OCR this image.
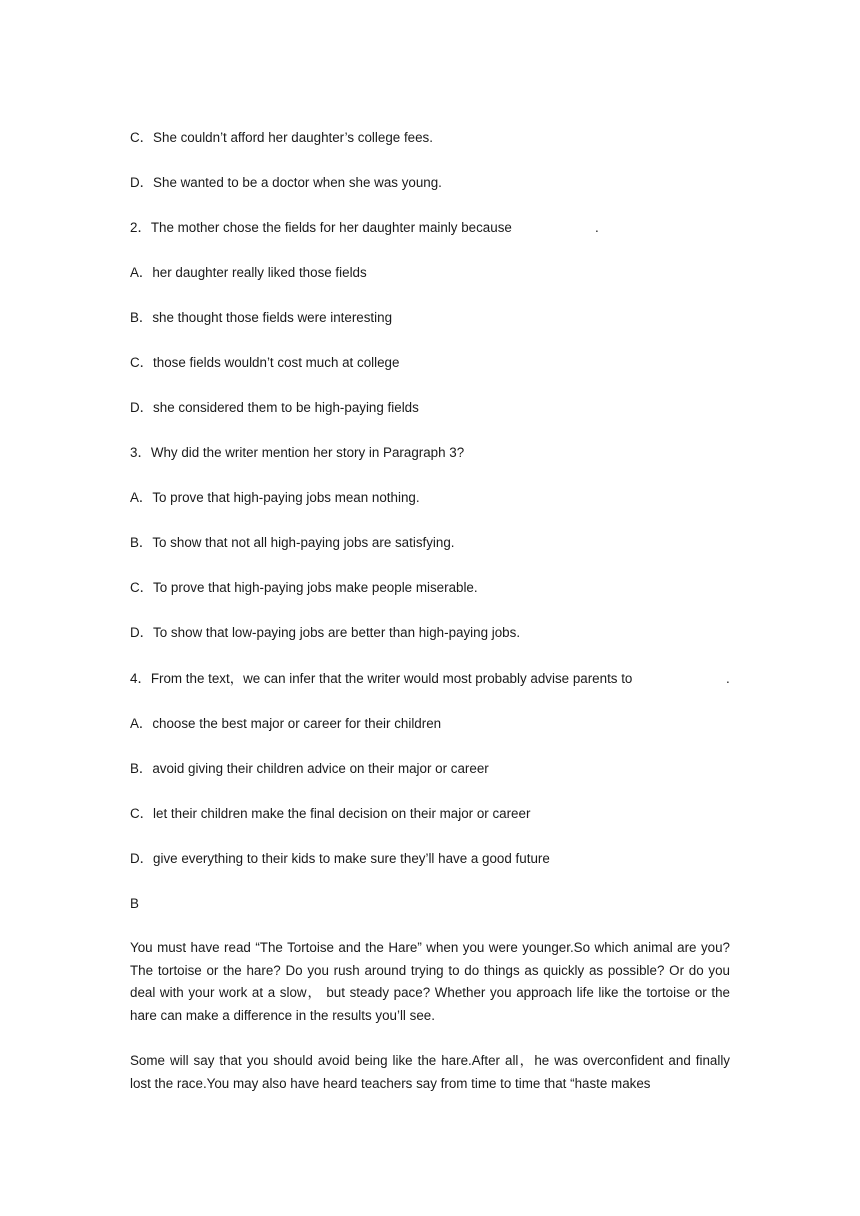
C．She couldn’t afford her daughter’s college fees.
D．She wanted to be a doctor when she was young.
2．The mother chose the fields for her daughter mainly because	.
A．her daughter really liked those fields
B．she thought those fields were interesting
C．those fields wouldn’t cost much at college
D．she considered them to be high-paying fields
3．Why did the writer mention her story in Paragraph 3?
A．To prove that high-paying jobs mean nothing.
B．To show that not all high-paying jobs are satisfying.
C．To prove that high-paying jobs make people miserable.
D．To show that low-paying jobs are better than high-paying jobs.
4．From the text，we can infer that the writer would most probably advise parents to	.
A．choose the best major or career for their children
B．avoid giving their children advice on their major or career
C．let their children make the final decision on their major or career
D．give everything to their kids to make sure they’ll have a good future
B
You must have read “The Tortoise and the Hare” when you were younger.So which animal are you? The tortoise or the hare? Do you rush around trying to do things as quickly as possible? Or do you deal with your work at a slow， but steady pace? Whether you approach life like the tortoise or the hare can make a difference in the results you’ll see.
Some will say that you should avoid being like the hare.After all，he was overconfident and finally lost the race.You may also have heard teachers say from time to time that “haste makes
